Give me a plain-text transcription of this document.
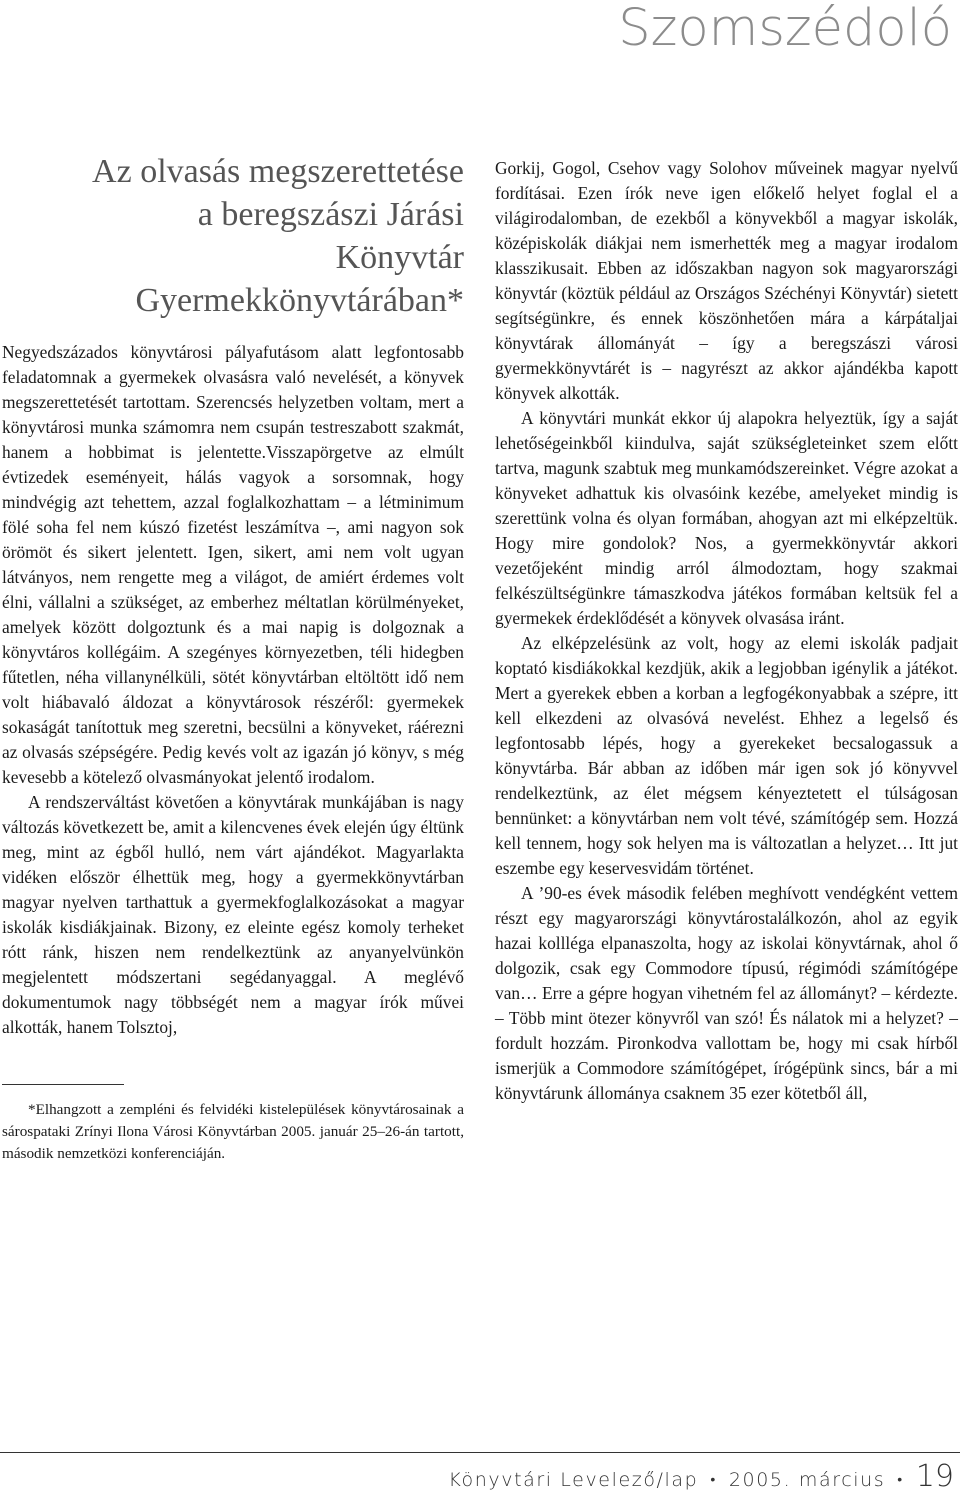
Szomszédoló
Az olvasás megszerettetése
a beregszászi Járási
Könyvtár
Gyermekkönyvtárában*

Negyedszázados könyvtárosi pályafutásom alatt legfontosabb feladatomnak a gyermekek olvasásra való nevelését, a könyvek megszerettetését tartottam. Szerencsés helyzetben voltam, mert a könyvtárosi munka számomra nem csupán testreszabott szakmát, hanem a hobbimat is jelentette.Visszapörgetve az elmúlt évtizedek eseményeit, hálás vagyok a sorsomnak, hogy mindvégig azt tehettem, azzal foglalkozhattam – a létminimum fölé soha fel nem kúszó fizetést leszámítva –, ami nagyon sok örömöt és sikert jelentett. Igen, sikert, ami nem volt ugyan látványos, nem rengette meg a világot, de amiért érdemes volt élni, vállalni a szükséget, az emberhez méltatlan körülményeket, amelyek között dolgoztunk és a mai napig is dolgoznak a könyvtáros kollégáim. A szegényes környezetben, téli hidegben fűtetlen, néha villanynélküli, sötét könyvtárban eltöltött idő nem volt hiábavaló áldozat a könyvtárosok részéről: gyermekek sokaságát tanítottuk meg szeretni, becsülni a könyveket, ráérezni az olvasás szépségére. Pedig kevés volt az igazán jó könyv, s még kevesebb a kötelező olvasmányokat jelentő irodalom.

A rendszerváltást követően a könyvtárak munkájában is nagy változás következett be, amit a kilencvenes évek elején úgy éltünk meg, mint az égből hulló, nem várt ajándékot. Magyarlakta vidéken először élhettük meg, hogy a gyermekkönyvtárban magyar nyelven tarthattuk a gyermekfoglalkozásokat a magyar iskolák kisdiákjainak. Bizony, ez eleinte egész komoly terheket rótt ránk, hiszen nem rendelkeztünk az anyanyelvünkön megjelentett módszertani segédanyaggal. A meglévő dokumentumok nagy többségét nem a magyar írók művei alkották, hanem Tolsztoj,

*Elhangzott a zempléni és felvidéki kistelepülések könyvtárosainak a sárospataki Zrínyi Ilona Városi Könyvtárban 2005. január 25–26-án tartott, második nemzetközi konferenciáján.

Gorkij, Gogol, Csehov vagy Solohov műveinek magyar nyelvű fordításai. Ezen írók neve igen előkelő helyet foglal el a világirodalomban, de ezekből a könyvekből a magyar iskolák, középiskolák diákjai nem ismerhették meg a magyar irodalom klasszikusait. Ebben az időszakban nagyon sok magyarországi könyvtár (köztük például az Országos Széchényi Könyvtár) sietett segítségünkre, és ennek köszönhetően mára a kárpátaljai könyvtárak állományát – így a beregszászi városi gyermekkönyvtárét is – nagyrészt az akkor ajándékba kapott könyvek alkották.

A könyvtári munkát ekkor új alapokra helyeztük, így a saját lehetőségeinkből kiindulva, saját szükségleteinket szem előtt tartva, magunk szabtuk meg munkamódszereinket. Végre azokat a könyveket adhattuk kis olvasóink kezébe, amelyeket mindig is szerettünk volna és olyan formában, ahogyan azt mi elképzeltük. Hogy mire gondolok? Nos, a gyermekkönyvtár akkori vezetőjeként mindig arról álmodoztam, hogy szakmai felkészültségünkre támaszkodva játékos formában keltsük fel a gyermekek érdeklődését a könyvek olvasása iránt.

Az elképzelésünk az volt, hogy az elemi iskolák padjait koptató kisdiákokkal kezdjük, akik a legjobban igénylik a játékot. Mert a gyerekek ebben a korban a legfogékonyabbak a szépre, itt kell elkezdeni az olvasóvá nevelést. Ehhez a legelső és legfontosabb lépés, hogy a gyerekeket becsalogassuk a könyvtárba. Bár abban az időben már igen sok jó könyvvel rendelkeztünk, az élet mégsem kényeztetett el túlságosan bennünket: a könyvtárban nem volt tévé, számítógép sem. Hozzá kell tennem, hogy sok helyen ma is változatlan a helyzet… Itt jut eszembe egy keservesvidám történet.

A ’90-es évek második felében meghívott vendégként vettem részt egy magyarországi könyvtárostalálkozón, ahol az egyik hazai kollléga elpanaszolta, hogy az iskolai könyvtárnak, ahol ő dolgozik, csak egy Commodore típusú, régimódi számítógépe van… Erre a gépre hogyan vihetném fel az állományt? – kérdezte. – Több mint ötezer könyvről van szó! És nálatok mi a helyzet? – fordult hozzám. Pironkodva vallottam be, hogy mi csak hírből ismerjük a Commodore számítógépet, írógépünk sincs, bár a mi könyvtárunk állománya csaknem 35 ezer kötetből áll,

Könyvtári Levelező/lap • 2005. március • 19
